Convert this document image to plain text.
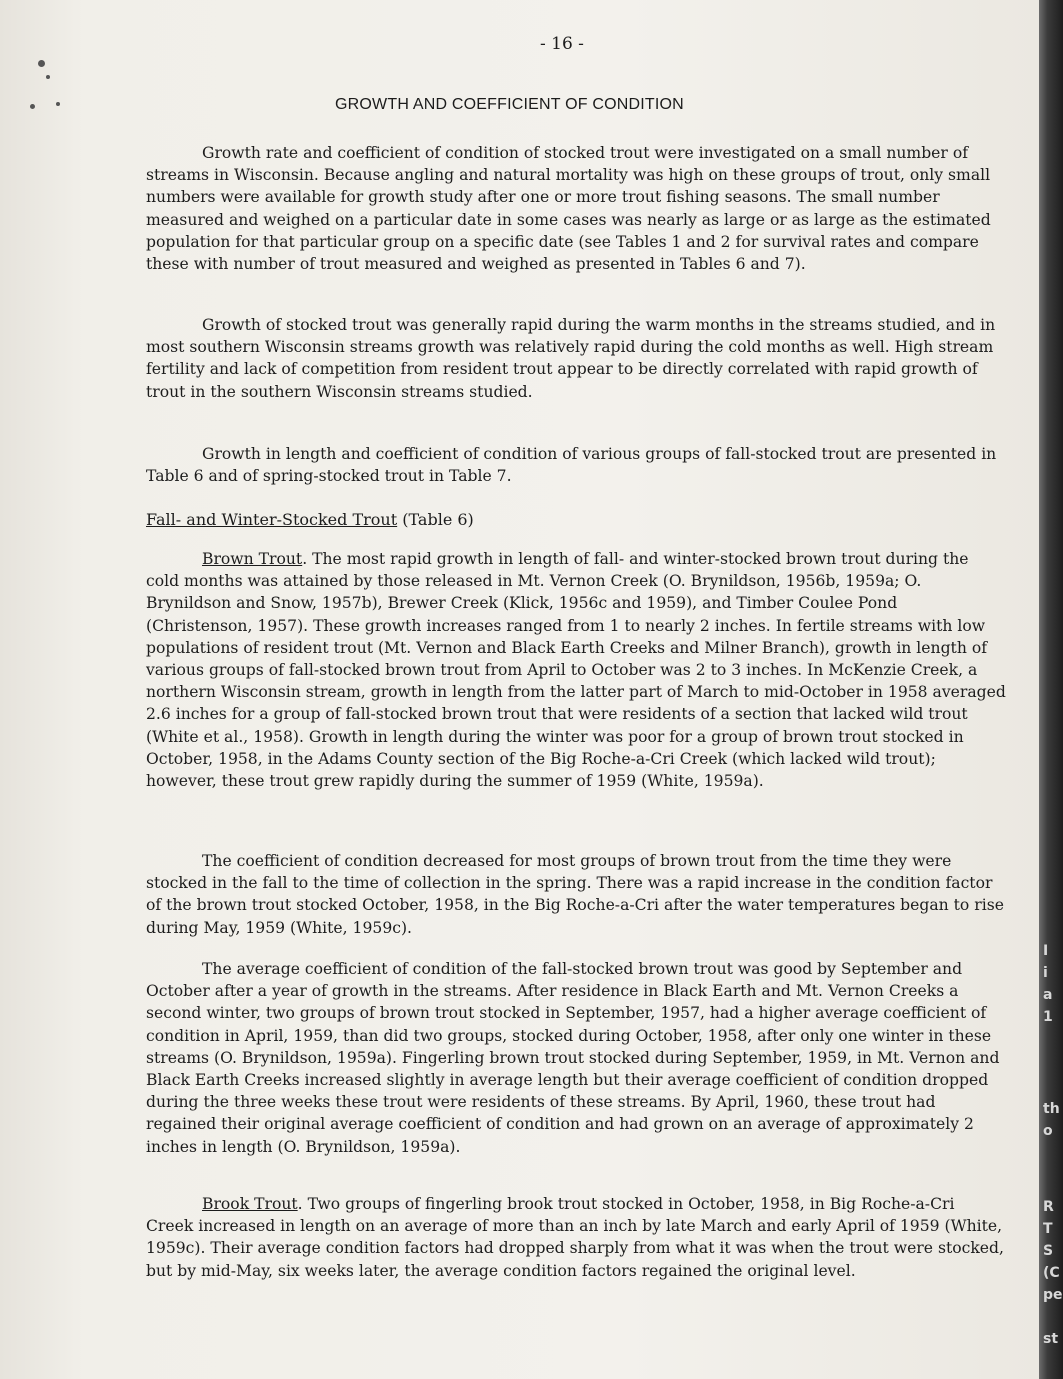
I
i
a
1
th
o
R
T
S
(C
pe
st
- 16 -
GROWTH AND COEFFICIENT OF CONDITION

Growth rate and coefficient of condition of stocked trout were investigated on a small number of streams in Wisconsin. Because angling and natural mortality was high on these groups of trout, only small numbers were available for growth study after one or more trout fishing seasons. The small number measured and weighed on a particular date in some cases was nearly as large or as large as the estimated population for that particular group on a specific date (see Tables 1 and 2 for survival rates and compare these with number of trout measured and weighed as presented in Tables 6 and 7).

Growth of stocked trout was generally rapid during the warm months in the streams studied, and in most southern Wisconsin streams growth was relatively rapid during the cold months as well. High stream fertility and lack of competition from resident trout appear to be directly correlated with rapid growth of trout in the southern Wisconsin streams studied.

Growth in length and coefficient of condition of various groups of fall-stocked trout are presented in Table 6 and of spring-stocked trout in Table 7.

Fall- and Winter-Stocked Trout (Table 6)

Brown Trout. The most rapid growth in length of fall- and winter-stocked brown trout during the cold months was attained by those released in Mt. Vernon Creek (O. Brynildson, 1956b, 1959a; O. Brynildson and Snow, 1957b), Brewer Creek (Klick, 1956c and 1959), and Timber Coulee Pond (Christenson, 1957). These growth increases ranged from 1 to nearly 2 inches. In fertile streams with low populations of resident trout (Mt. Vernon and Black Earth Creeks and Milner Branch), growth in length of various groups of fall-stocked brown trout from April to October was 2 to 3 inches. In McKenzie Creek, a northern Wisconsin stream, growth in length from the latter part of March to mid-October in 1958 averaged 2.6 inches for a group of fall-stocked brown trout that were residents of a section that lacked wild trout (White et al., 1958). Growth in length during the winter was poor for a group of brown trout stocked in October, 1958, in the Adams County section of the Big Roche-a-Cri Creek (which lacked wild trout); however, these trout grew rapidly during the summer of 1959 (White, 1959a).

The coefficient of condition decreased for most groups of brown trout from the time they were stocked in the fall to the time of collection in the spring. There was a rapid increase in the condition factor of the brown trout stocked October, 1958, in the Big Roche-a-Cri after the water temperatures began to rise during May, 1959 (White, 1959c).

The average coefficient of condition of the fall-stocked brown trout was good by September and October after a year of growth in the streams. After residence in Black Earth and Mt. Vernon Creeks a second winter, two groups of brown trout stocked in September, 1957, had a higher average coefficient of condition in April, 1959, than did two groups, stocked during October, 1958, after only one winter in these streams (O. Brynildson, 1959a). Fingerling brown trout stocked during September, 1959, in Mt. Vernon and Black Earth Creeks increased slightly in average length but their average coefficient of condition dropped during the three weeks these trout were residents of these streams. By April, 1960, these trout had regained their original average coefficient of condition and had grown on an average of approximately 2 inches in length (O. Brynildson, 1959a).

Brook Trout. Two groups of fingerling brook trout stocked in October, 1958, in Big Roche-a-Cri Creek increased in length on an average of more than an inch by late March and early April of 1959 (White, 1959c). Their average condition factors had dropped sharply from what it was when the trout were stocked, but by mid-May, six weeks later, the average condition factors regained the original level.
